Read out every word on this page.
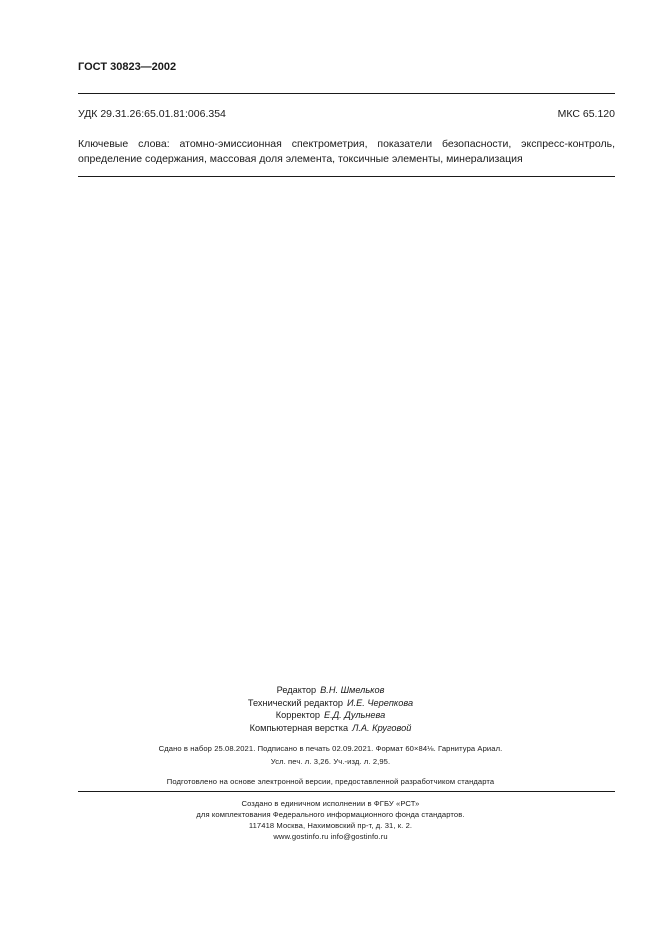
ГОСТ 30823—2002
УДК 29.31.26:65.01.81:006.354	МКС 65.120
Ключевые слова: атомно-эмиссионная спектрометрия, показатели безопасности, экспресс-контроль,
определение содержания, массовая доля элемента, токсичные элементы, минерализация
Редактор В.Н. Шмельков
Технический редактор И.Е. Черепкова
Корректор Е.Д. Дульнева
Компьютерная верстка Л.А. Круговой
Сдано в набор 25.08.2021. Подписано в печать 02.09.2021. Формат 60×84⅛. Гарнитура Ариал.
Усл. печ. л. 3,26. Уч.-изд. л. 2,95.
Подготовлено на основе электронной версии, предоставленной разработчиком стандарта
Создано в единичном исполнении в ФГБУ «РСТ»
для комплектования Федерального информационного фонда стандартов.
117418 Москва, Нахимовский пр-т, д. 31, к. 2.
www.gostinfo.ru info@gostinfo.ru
